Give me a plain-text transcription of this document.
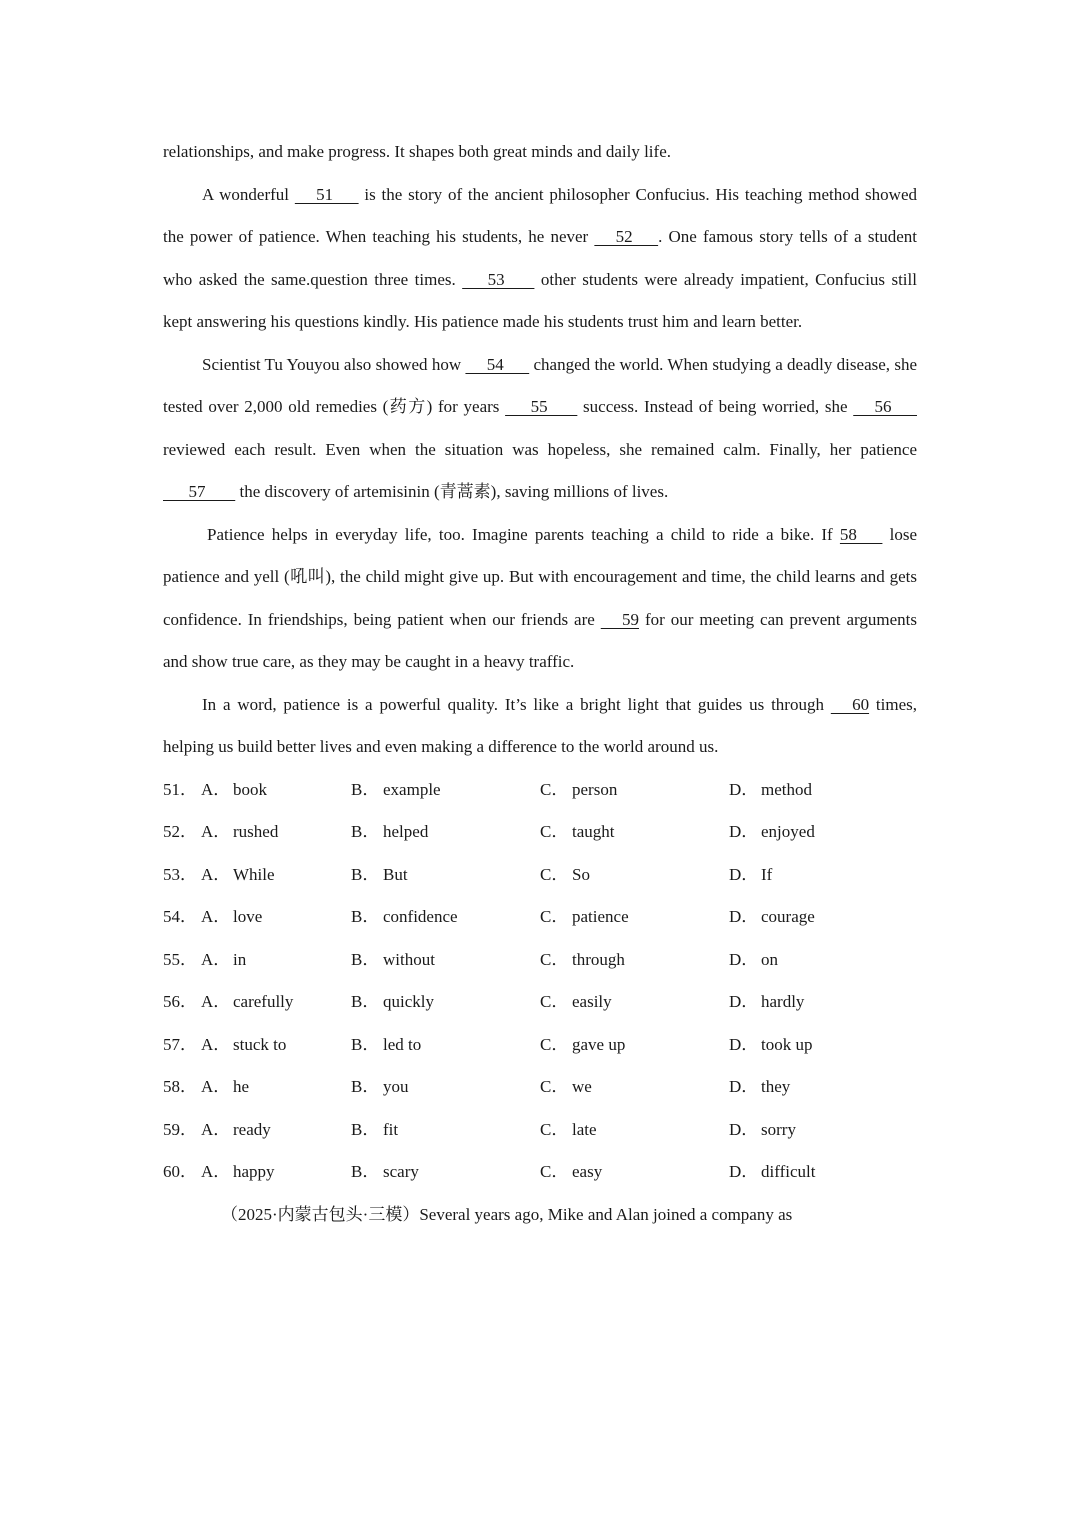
relationships, and make progress. It shapes both great minds and daily life.

A wonderful      51       is the story of the ancient philosopher Confucius. His teaching method showed the power of patience. When teaching his students, he never      52      . One famous story tells of a student who asked the same.question three times.       53        other students were already impatient, Confucius still kept answering his questions kindly. His patience made his students trust him and learn better.

Scientist Tu Youyou also showed how      54       changed the world. When studying a deadly disease, she tested over 2,000 old remedies (药方) for years       55        success. Instead of being worried, she      56       reviewed each result. Even when the situation was hopeless, she remained calm. Finally, her patience       57        the discovery of artemisinin (青蒿素), saving millions of lives.

Patience helps in everyday life, too. Imagine parents teaching a child to ride a bike. If 58       lose patience and yell (吼叫), the child might give up. But with encouragement and time, the child learns and gets confidence. In friendships, being patient when our friends are      59 for our meeting can prevent arguments and show true care, as they may be caught in a heavy traffic.

In a word, patience is a powerful quality. It’s like a bright light that guides us through      60 times, helping us build better lives and even making a difference to the world around us.

51． A． book	B． example	C． person	D． method
52． A． rushed	B． helped	C． taught	D． enjoyed
53． A． While	B． But	C． So	D． If
54． A． love	B． confidence	C． patience	D． courage
55． A． in	B． without	C． through	D． on
56． A． carefully	B． quickly	C． easily	D． hardly
57． A． stuck to	B． led to	C． gave up	D． took up
58． A． he	B． you	C． we	D． they
59． A． ready	B． fit	C． late	D． sorry
60． A． happy	B． scary	C． easy	D． difficult

（2025·内蒙古包头·三模）Several years ago, Mike and Alan joined a company as
